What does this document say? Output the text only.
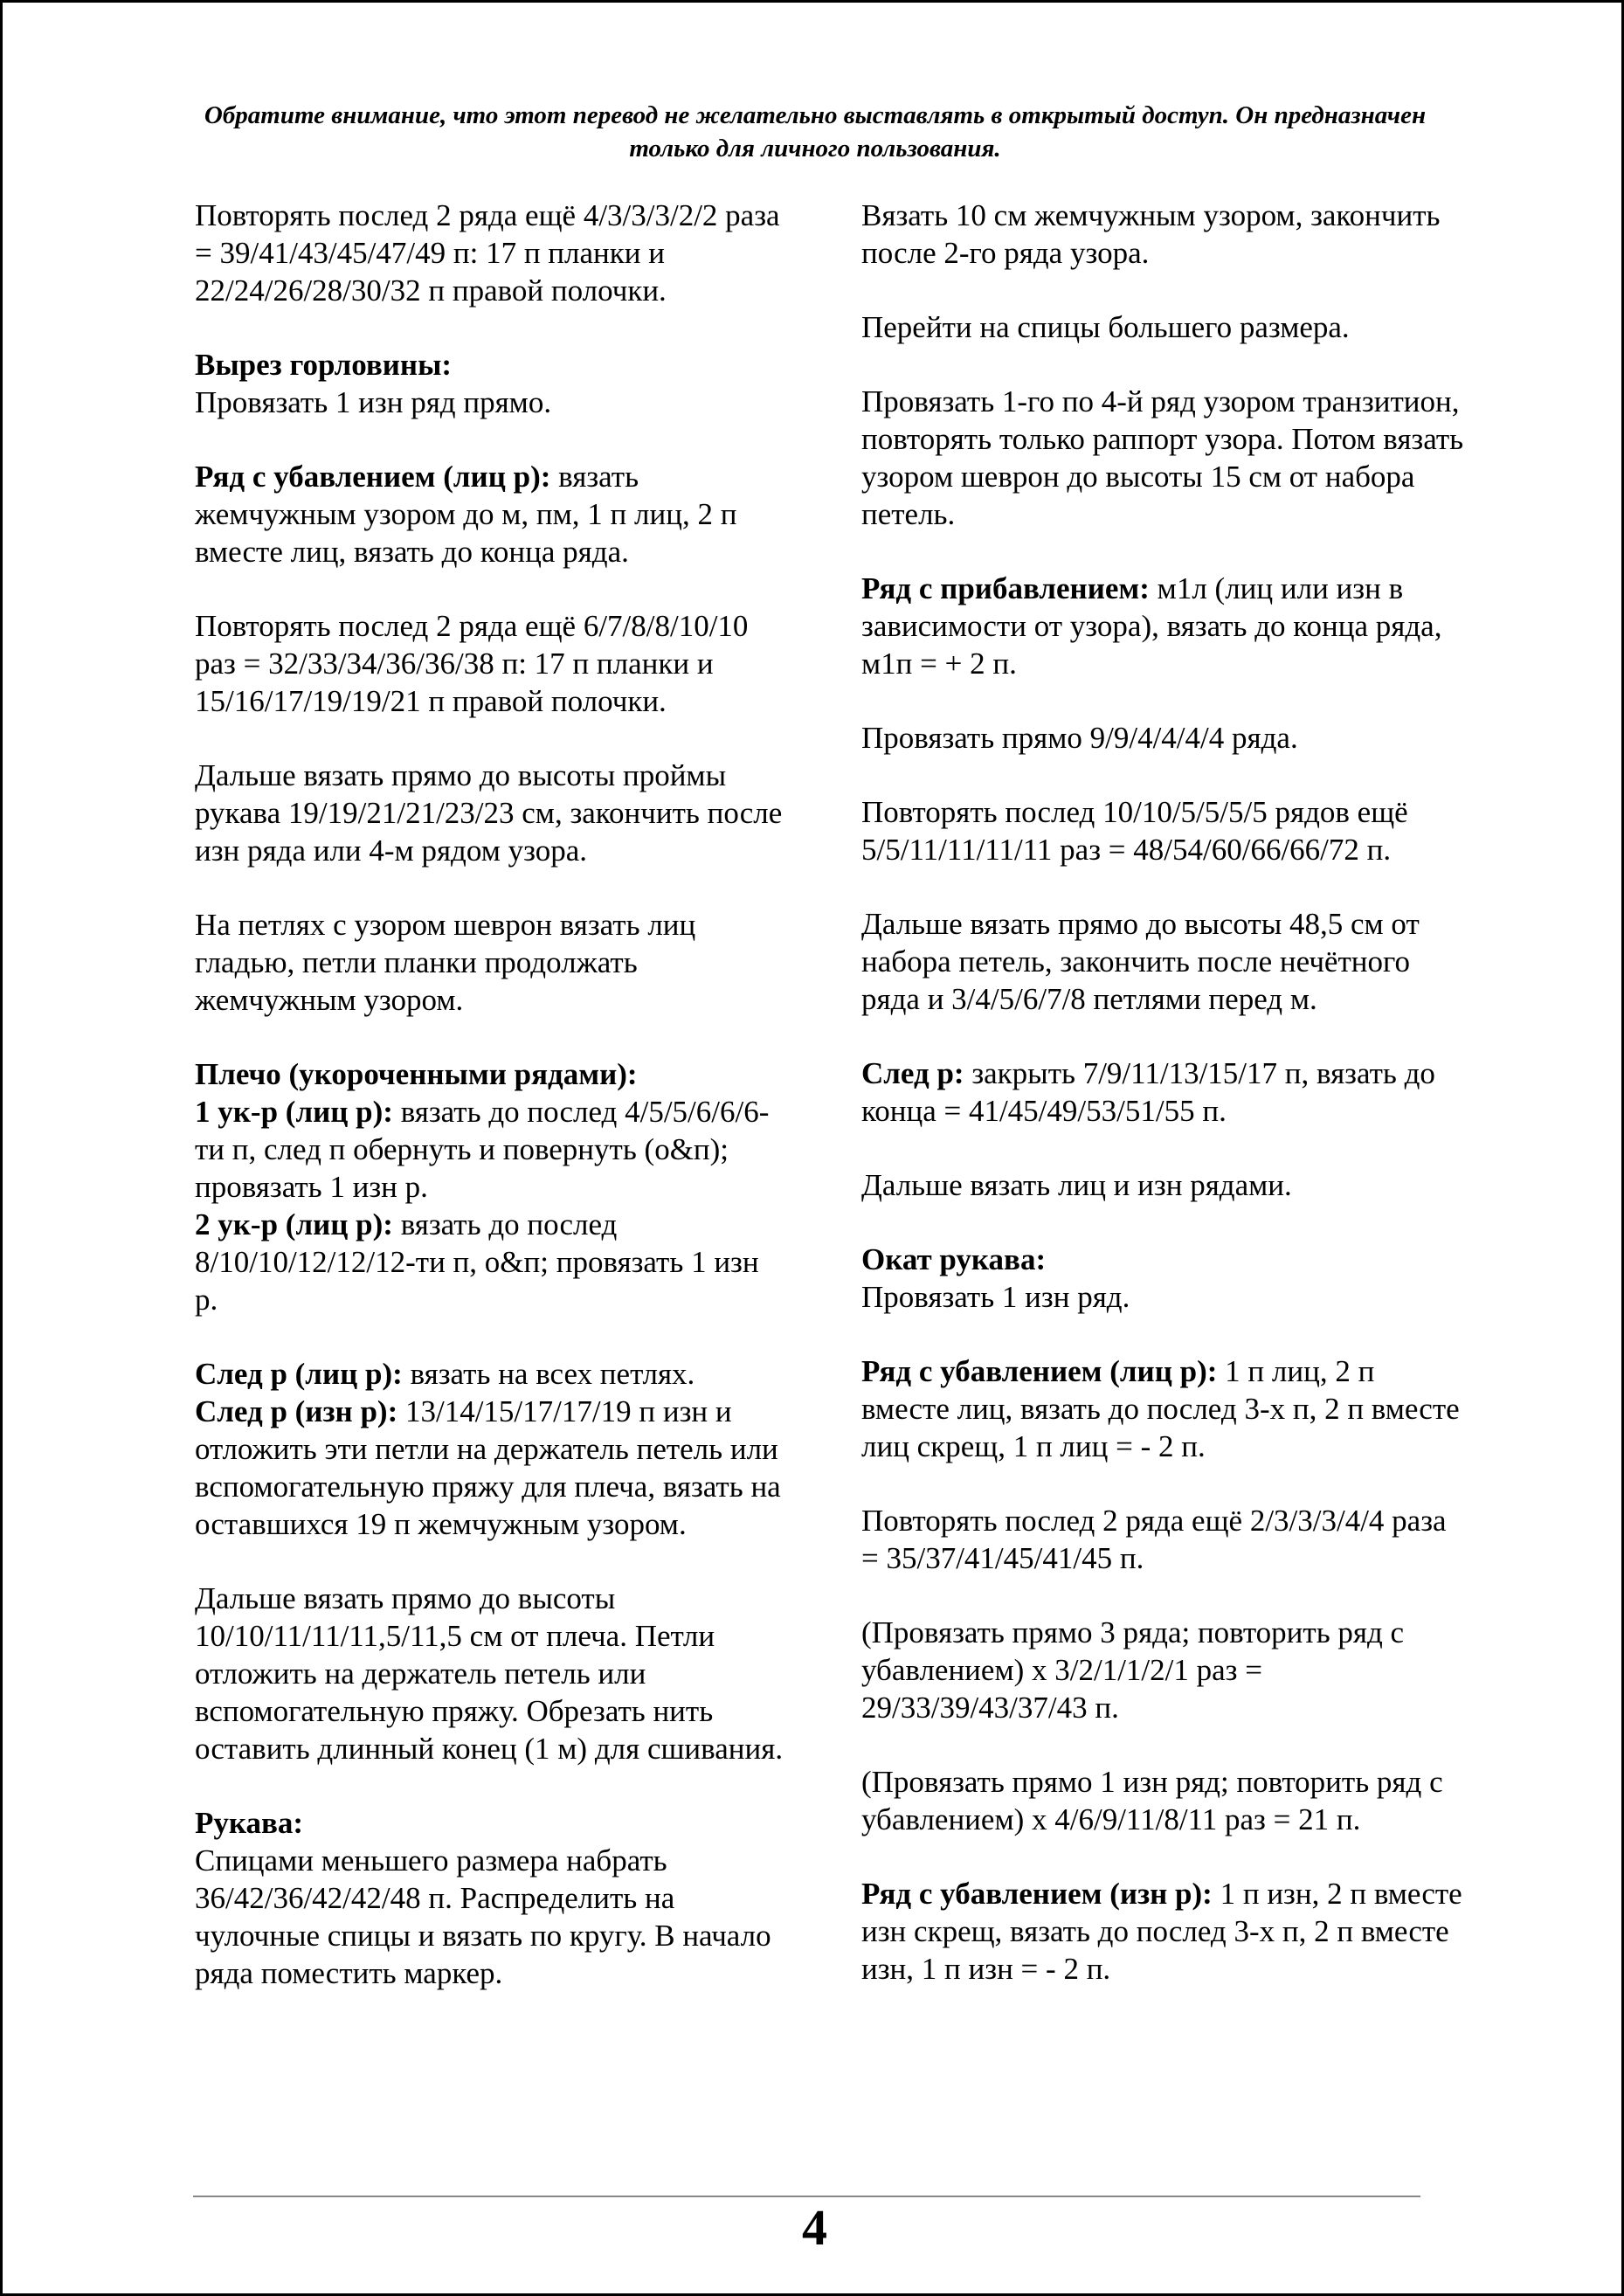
Обратите внимание, что этот перевод не желательно выставлять в открытый доступ. Он предназначен только для личного пользования.

Повторять послед 2 ряда ещё 4/3/3/3/2/2 раза = 39/41/43/45/47/49 п: 17 п планки и 22/24/26/28/30/32 п правой полочки.

Вырез горловины:
Провязать 1 изн ряд прямо.

Ряд с убавлением (лиц р): вязать жемчужным узором до м, пм, 1 п лиц, 2 п вместе лиц, вязать до конца ряда.

Повторять послед 2 ряда ещё 6/7/8/8/10/10 раз = 32/33/34/36/36/38 п: 17 п планки и 15/16/17/19/19/21 п правой полочки.

Дальше вязать прямо до высоты проймы рукава 19/19/21/21/23/23 см, закончить после изн ряда или 4-м рядом узора.

На петлях с узором шеврон вязать лиц гладью, петли планки продолжать жемчужным узором.

Плечо (укороченными рядами):
1 ук-р (лиц р): вязать до послед 4/5/5/6/6/6-ти п, след п обернуть и повернуть (о&п); провязать 1 изн р.
2 ук-р (лиц р): вязать до послед 8/10/10/12/12/12-ти п, о&п; провязать 1 изн р.

След р (лиц р): вязать на всех петлях.
След р (изн р): 13/14/15/17/17/19 п изн и отложить эти петли на держатель петель или вспомогательную пряжу для плеча, вязать на оставшихся 19 п жемчужным узором.

Дальше вязать прямо до высоты 10/10/11/11/11,5/11,5 см от плеча. Петли отложить на держатель петель или вспомогательную пряжу. Обрезать нить оставить длинный конец (1 м) для сшивания.

Рукава:
Спицами меньшего размера набрать 36/42/36/42/42/48 п. Распределить на чулочные спицы и вязать по кругу. В начало ряда поместить маркер.

Вязать 10 см жемчужным узором, закончить после 2-го ряда узора.

Перейти на спицы большего размера.

Провязать 1-го по 4-й ряд узором транзитион, повторять только раппорт узора. Потом вязать узором шеврон до высоты 15 см от набора петель.

Ряд с прибавлением: м1л (лиц или изн в зависимости от узора), вязать до конца ряда, м1п = + 2 п.

Провязать прямо 9/9/4/4/4/4 ряда.

Повторять послед 10/10/5/5/5/5 рядов ещё 5/5/11/11/11/11 раз = 48/54/60/66/66/72 п.

Дальше вязать прямо до высоты 48,5 см от набора петель, закончить после нечётного ряда и 3/4/5/6/7/8 петлями перед м.

След р: закрыть 7/9/11/13/15/17 п, вязать до конца = 41/45/49/53/51/55 п.

Дальше вязать лиц и изн рядами.

Окат рукава:
Провязать 1 изн ряд.

Ряд с убавлением (лиц р): 1 п лиц, 2 п вместе лиц, вязать до послед 3-х п, 2 п вместе лиц скрещ, 1 п лиц = - 2 п.

Повторять послед 2 ряда ещё 2/3/3/3/4/4 раза = 35/37/41/45/41/45 п.

(Провязать прямо 3 ряда; повторить ряд с убавлением) х 3/2/1/1/2/1 раз = 29/33/39/43/37/43 п.

(Провязать прямо 1 изн ряд; повторить ряд с убавлением) х 4/6/9/11/8/11 раз = 21 п.

Ряд с убавлением (изн р): 1 п изн, 2 п вместе изн скрещ, вязать до послед 3-х п, 2 п вместе изн, 1 п изн = - 2 п.

4
